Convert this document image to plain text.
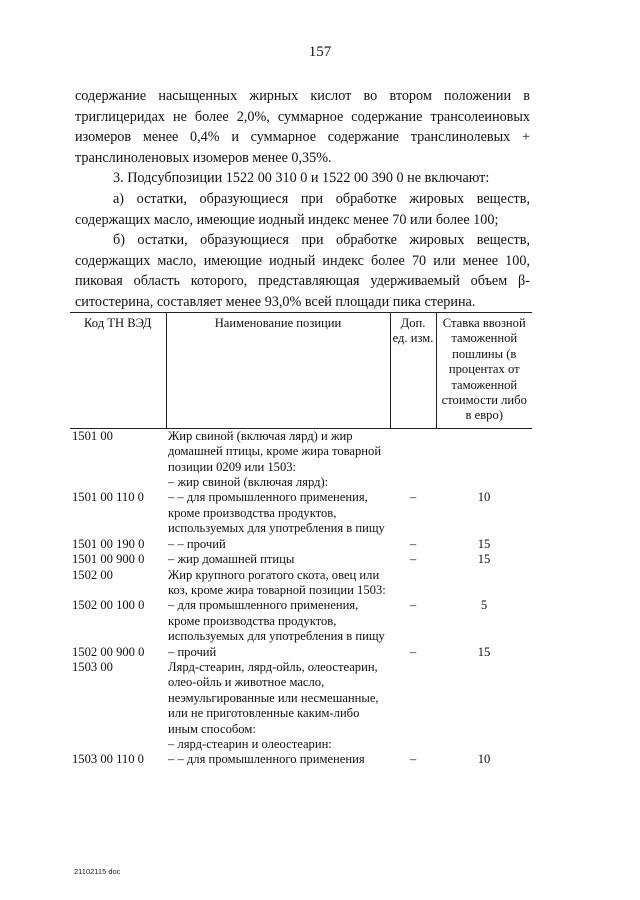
157

содержание насыщенных жирных кислот во втором положении в триглицеридах не более 2,0%, суммарное содержание трансолеиновых изомеров менее 0,4% и суммарное содержание транслинолевых + транслиноленовых изомеров менее 0,35%.

3. Подсубпозиции 1522 00 310 0 и 1522 00 390 0 не включают:

а) остатки, образующиеся при обработке жировых веществ, содержащих масло, имеющие иодный индекс менее 70 или более 100;

б) остатки, образующиеся при обработке жировых веществ, содержащих масло, имеющие иодный индекс более 70 или менее 100, пиковая область которого, представляющая удерживаемый объем β-ситостерина, составляет менее 93,0% всей площади пика стерина.

Код ТН ВЭД	Наименование позиции	Доп. ед. изм.	Ставка ввозной таможенной пошлины (в процентах от таможенной стоимости либо в евро)
1501 00	Жир свиной (включая лярд) и жир домашней птицы, кроме жира товарной позиции 0209 или 1503:		
	– жир свиной (включая лярд):		
1501 00 110 0	– – для промышленного применения, кроме производства продуктов, используемых для употребления в пищу	–	10
1501 00 190 0	– – прочий	–	15
1501 00 900 0	– жир домашней птицы	–	15
1502 00	Жир крупного рогатого скота, овец или коз, кроме жира товарной позиции 1503:		
1502 00 100 0	– для промышленного применения, кроме производства продуктов, используемых для употребления в пищу	–	5
1502 00 900 0	– прочий	–	15
1503 00	Лярд-стеарин, лярд-ойль, олеостеарин, олео-ойль и животное масло, неэмульгированные или несмешанные, или не приготовленные каким-либо иным способом:		
	– лярд-стеарин и олеостеарин:		
1503 00 110 0	– – для промышленного применения	–	10
21102115 doc
